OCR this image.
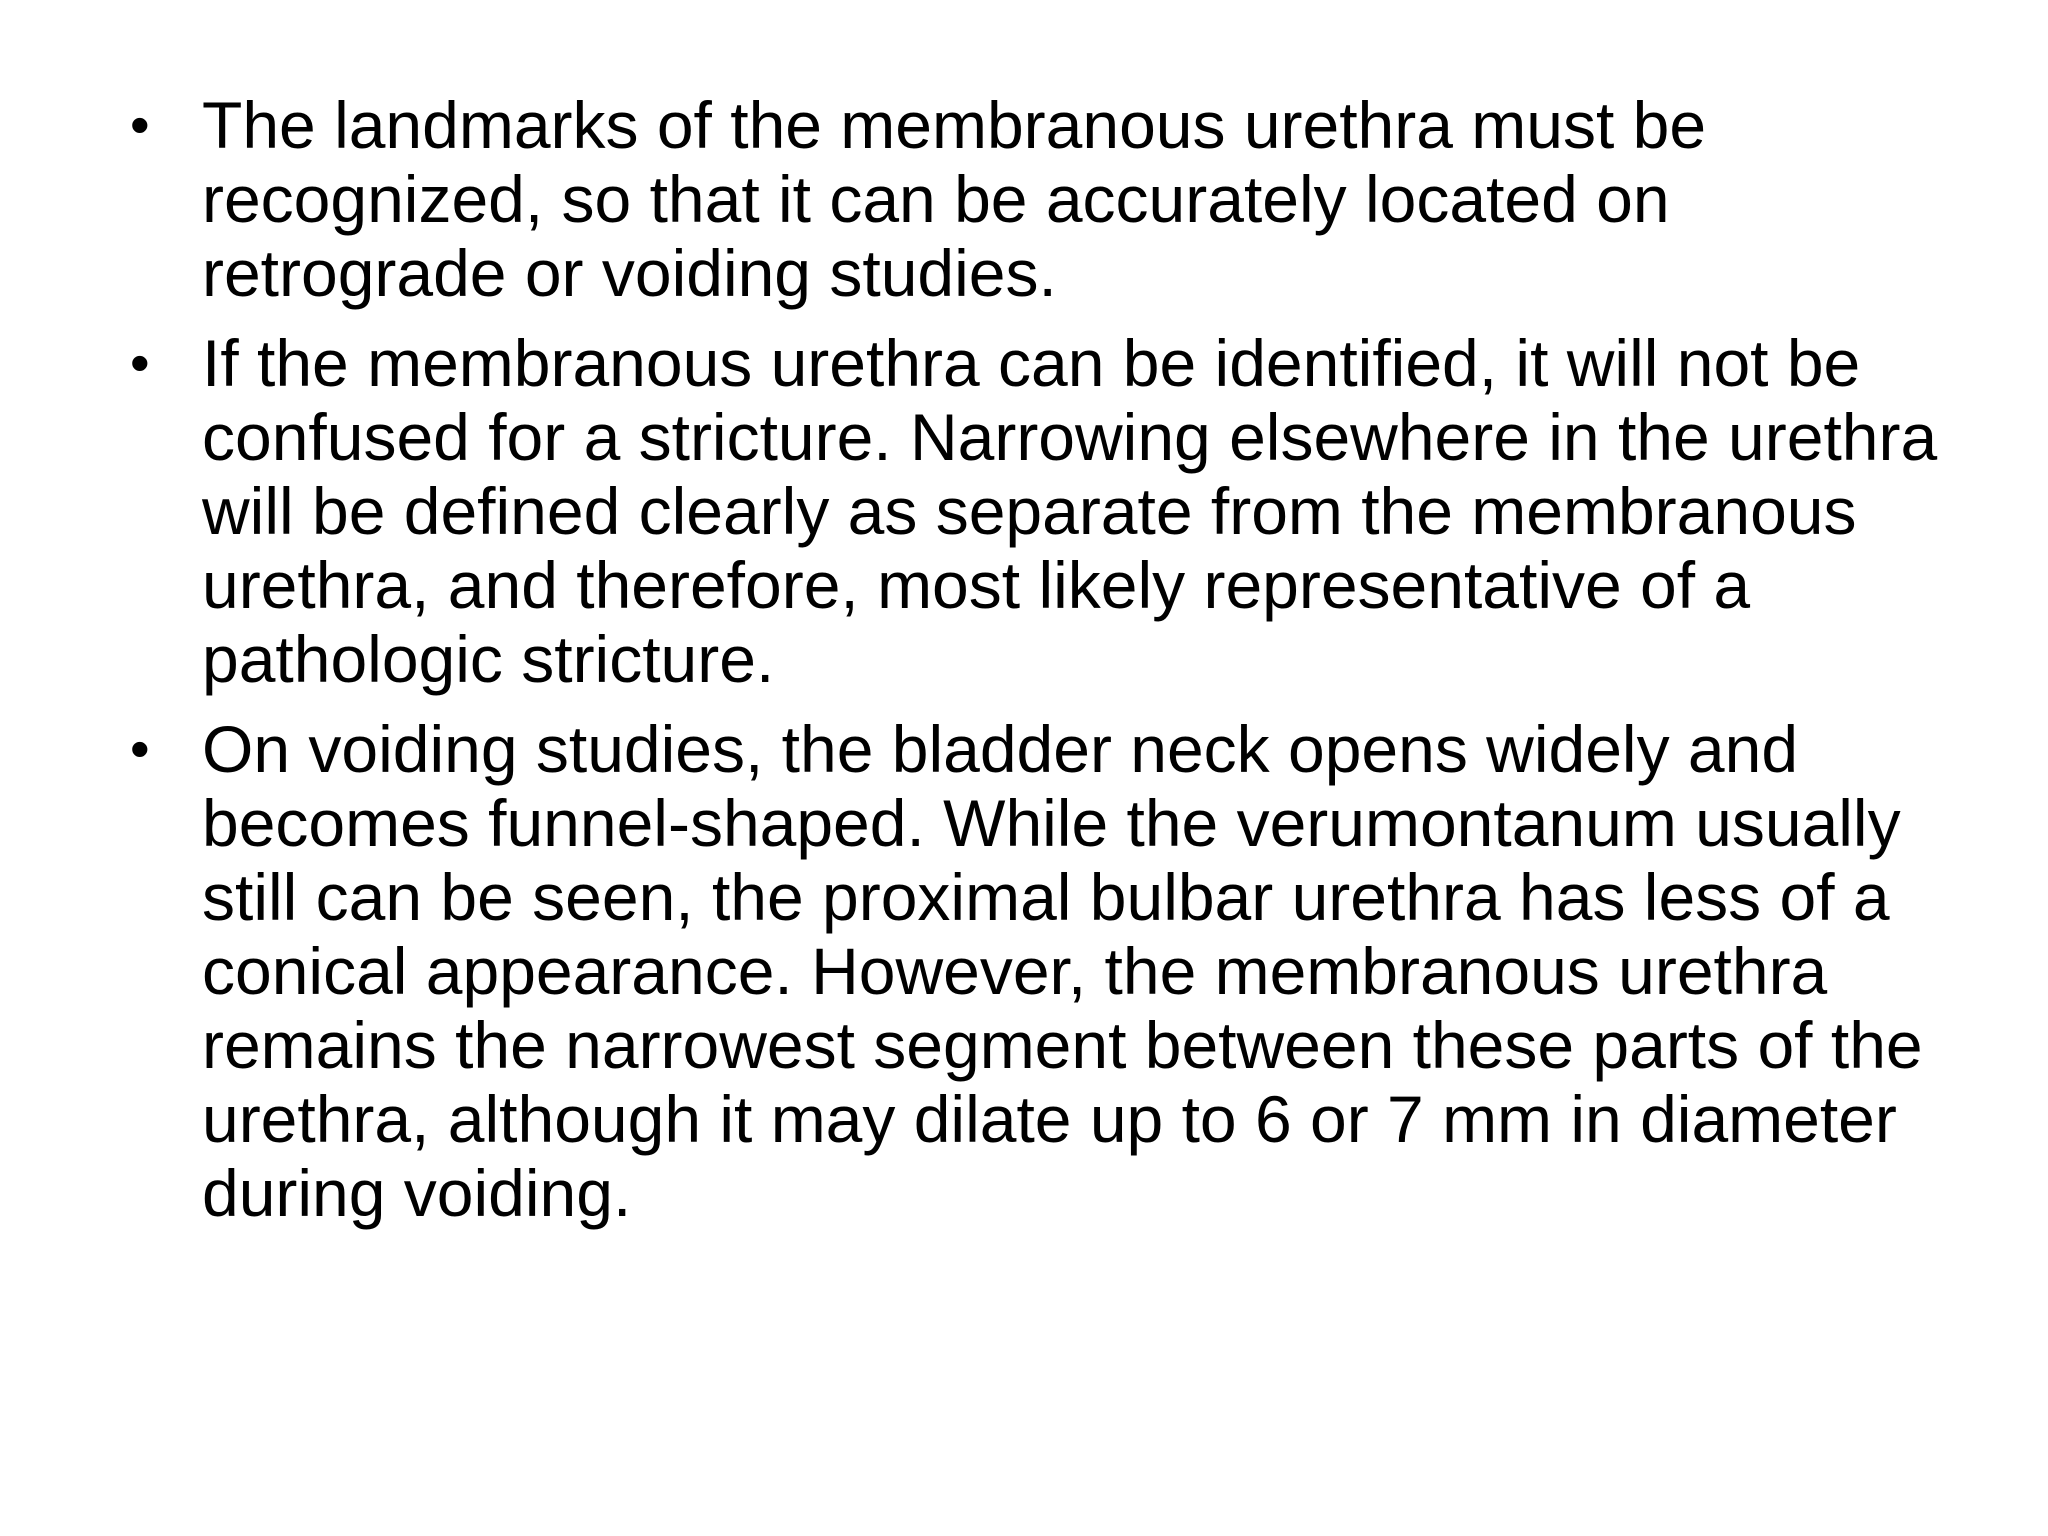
• The landmarks of the membranous urethra must be recognized, so that it can be accurately located on retrograde or voiding studies.
• If the membranous urethra can be identified, it will not be confused for a stricture. Narrowing elsewhere in the urethra will be defined clearly as separate from the membranous urethra, and therefore, most likely representative of a pathologic stricture.
• On voiding studies, the bladder neck opens widely and becomes funnel-shaped. While the verumontanum usually still can be seen, the proximal bulbar urethra has less of a conical appearance. However, the membranous urethra remains the narrowest segment between these parts of the urethra, although it may dilate up to 6 or 7 mm in diameter during voiding.
